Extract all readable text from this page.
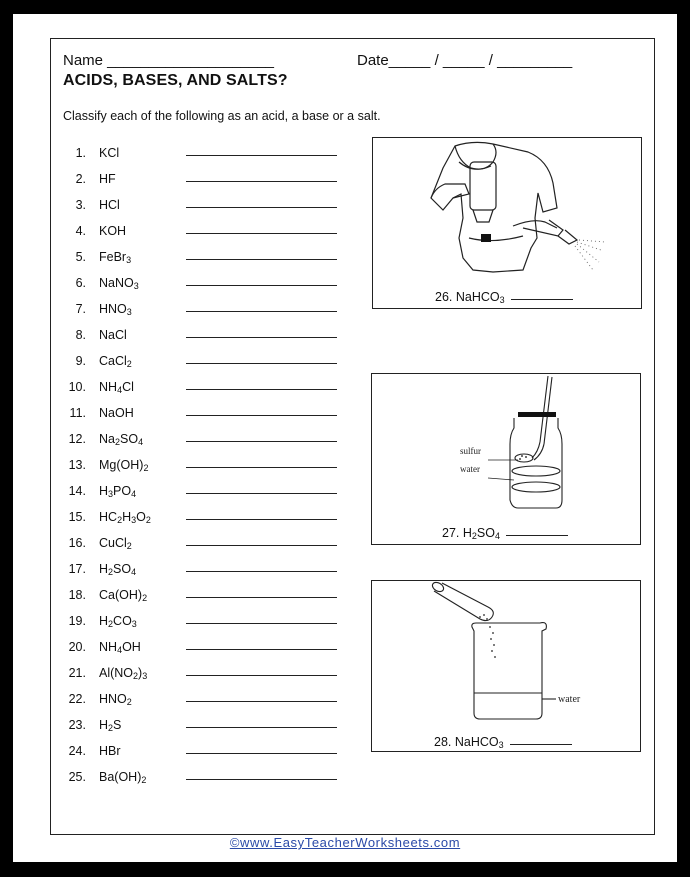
Name ____________________	Date_____ / _____ / _________
ACIDS, BASES, AND SALTS?
Classify each of the following as an acid, a base or a salt.
1. KCl
2. HF
3. HCl
4. KOH
5. FeBr$_3$
6. NaNO$_3$
7. $HNO_3$
8. NaCl
9. CaCl$_2$
10. $NH_4Cl$
11. NaOH
12. $Na_2SO_4$
13. $Mg(OH)_2$
14. $H_3PO_4$
15. $HC_2H_3O_2$
16. CuCl$_2$
17. $H_2SO_4$
18. $Ca(OH)_2$
19. $H_2CO_3$
20. $NH_4OH$
21. $Al(NO_2)_3$
22. $HNO_2$
23. $H_2S$
24. HBr
25. $Ba(OH)_2$
26. NaHCO$_3$
water
sulfur
27. $H_2SO_4$
water
28. NaHCO$_3$
©www.EasyTeacherWorksheets.com
